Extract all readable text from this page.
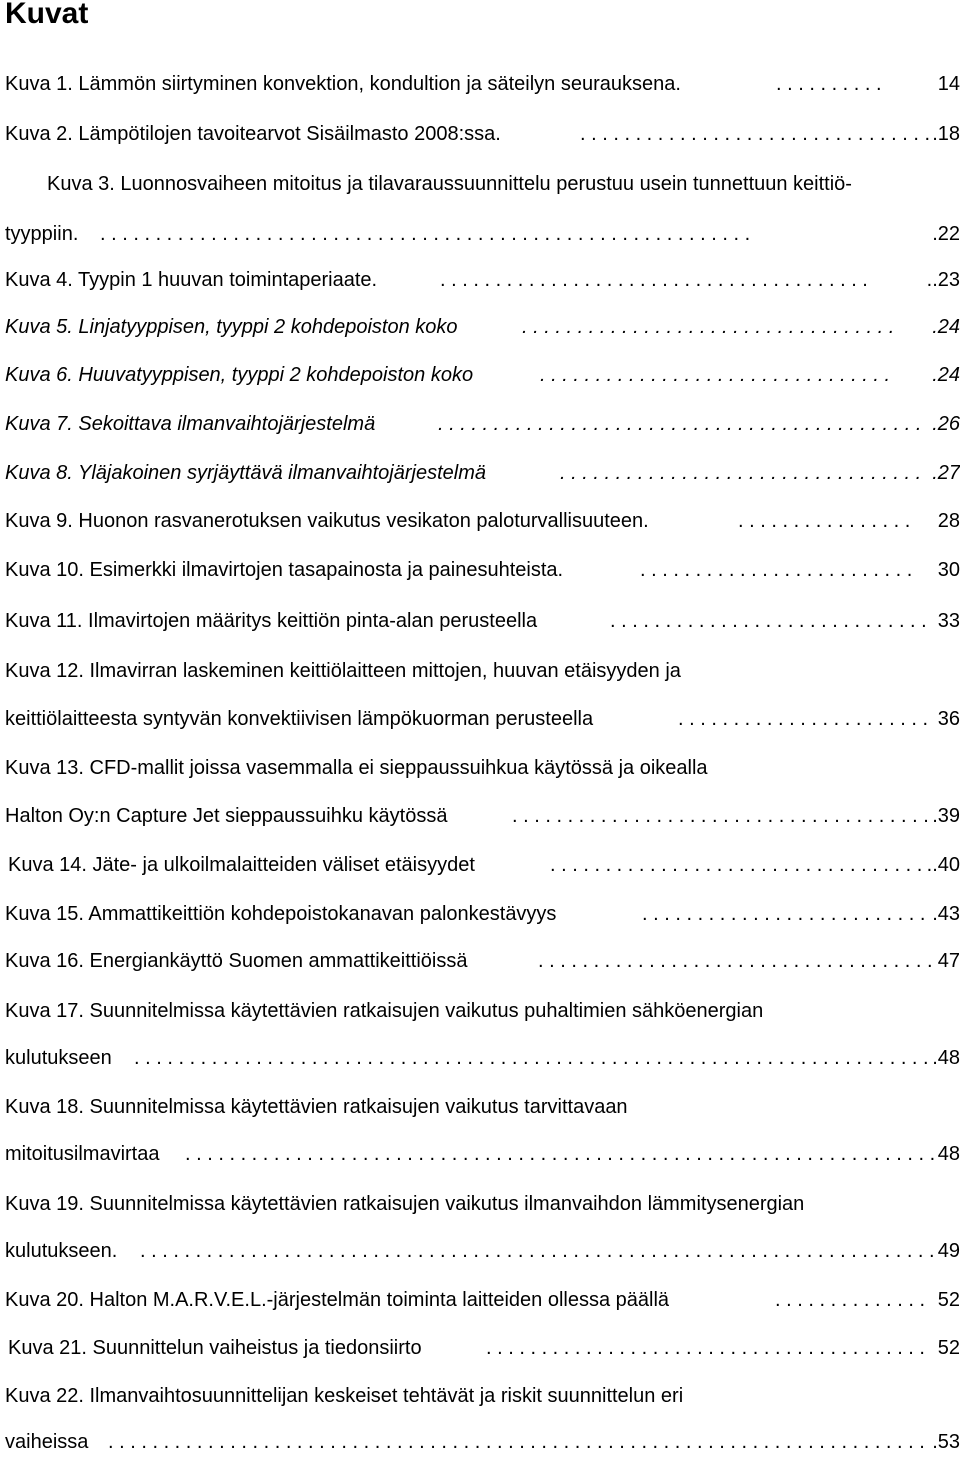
Kuvat
Kuva 1. Lämmön siirtyminen konvektion, kondultion ja säteilyn seurauksena.	. . . . . . . . . .	14
Kuva 2. Lämpötilojen tavoitearvot Sisäilmasto 2008:ssa.	. . . . . . . . . . . . . . . . . . . . . . . . . . . . . . . . .18
Kuva 3. Luonnosvaiheen mitoitus ja tilavaraussuunnittelu perustuu usein tunnettuun keittiö-
tyyppiin. . . . . . . . . . . . . . . . . . . . . . . . . . . . . . . . . . . . . . . . . . . . . . . . . . . . . . . . . . . .	.22
Kuva 4. Tyypin 1 huuvan toimintaperiaate.	. . . . . . . . . . . . . . . . . . . . . . . . . . . . . . . . . . . . . . .	..23
Kuva 5. Linjatyyppisen, tyyppi 2 kohdepoiston koko	. . . . . . . . . . . . . . . . . . . . . . . . . . . . . . . . . . .24
Kuva 6. Huuvatyyppisen, tyyppi 2 kohdepoiston koko	. . . . . . . . . . . . . . . . . . . . . . . . . . . . . . . . .24
Kuva 7. Sekoittava ilmanvaihtojärjestelmä	. . . . . . . . . . . . . . . . . . . . . . . . . . . . . . . . . . . . . . . . . . . . .26
Kuva 8. Yläjakoinen syrjäyttävä ilmanvaihtojärjestelmä	. . . . . . . . . . . . . . . . . . . . . . . . . . . . . . . . . .27
Kuva 9. Huonon rasvanerotuksen vaikutus vesikaton paloturvallisuuteen.	. . . . . . . . . . . . . . . . 28
Kuva 10. Esimerkki ilmavirtojen tasapainosta ja painesuhteista.	. . . . . . . . . . . . . . . . . . . . . . . . . 30
Kuva 11. Ilmavirtojen määritys keittiön pinta-alan perusteella	. . . . . . . . . . . . . . . . . . . . . . . . . . . . . 33
Kuva 12. Ilmavirran laskeminen keittiölaitteen mittojen, huuvan etäisyyden ja
keittiölaitteesta syntyvän konvektiivisen lämpökuorman perusteella	. . . . . . . . . . . . . . . . . . . . . . . 36
Kuva 13. CFD-mallit joissa vasemmalla ei sieppaussuihkua käytössä ja oikealla
Halton Oy:n Capture Jet sieppaussuihku käytössä	. . . . . . . . . . . . . . . . . . . . . . . . . . . . . . . . . . . . . . .39
Kuva 14. Jäte- ja ulkoilmalaitteiden väliset etäisyydet	. . . . . . . . . . . . . . . . . . . . . . . . . . . . . . . . . . ..40
Kuva 15. Ammattikeittiön kohdepoistokanavan palonkestävyys	. . . . . . . . . . . . . . . . . . . . . . . . . . .43
Kuva 16. Energiankäyttö Suomen ammattikeittiöissä	. . . . . . . . . . . . . . . . . . . . . . . . . . . . . . . . . . . . 47
Kuva 17. Suunnitelmissa käytettävien ratkaisujen vaikutus puhaltimien sähköenergian
kulutukseen . . . . . . . . . . . . . . . . . . . . . . . . . . . . . . . . . . . . . . . . . . . . . . . . . . . . . . . . . . . . . . . . . . . . . . . . .48
Kuva 18. Suunnitelmissa käytettävien ratkaisujen vaikutus tarvittavaan
mitoitusilmavirtaa . . . . . . . . . . . . . . . . . . . . . . . . . . . . . . . . . . . . . . . . . . . . . . . . . . . . . . . . . . . . . . . . . . . . 48
Kuva 19. Suunnitelmissa käytettävien ratkaisujen vaikutus ilmanvaihdon lämmitysenergian
kulutukseen. . . . . . . . . . . . . . . . . . . . . . . . . . . . . . . . . . . . . . . . . . . . . . . . . . . . . . . . . . . . . . . . . . . . . . . . . 49
Kuva 20. Halton M.A.R.V.E.L.-järjestelmän toiminta laitteiden ollessa päällä	. . . . . . . . . . . . . . 52
Kuva 21. Suunnittelun vaiheistus ja tiedonsiirto	. . . . . . . . . . . . . . . . . . . . . . . . . . . . . . . . . . . . . . . . 52
Kuva 22. Ilmanvaihtosuunnittelijan keskeiset tehtävät ja riskit suunnittelun eri
vaiheissa . . . . . . . . . . . . . . . . . . . . . . . . . . . . . . . . . . . . . . . . . . . . . . . . . . . . . . . . . . . . . . . . . . . . . . . . . . .53
